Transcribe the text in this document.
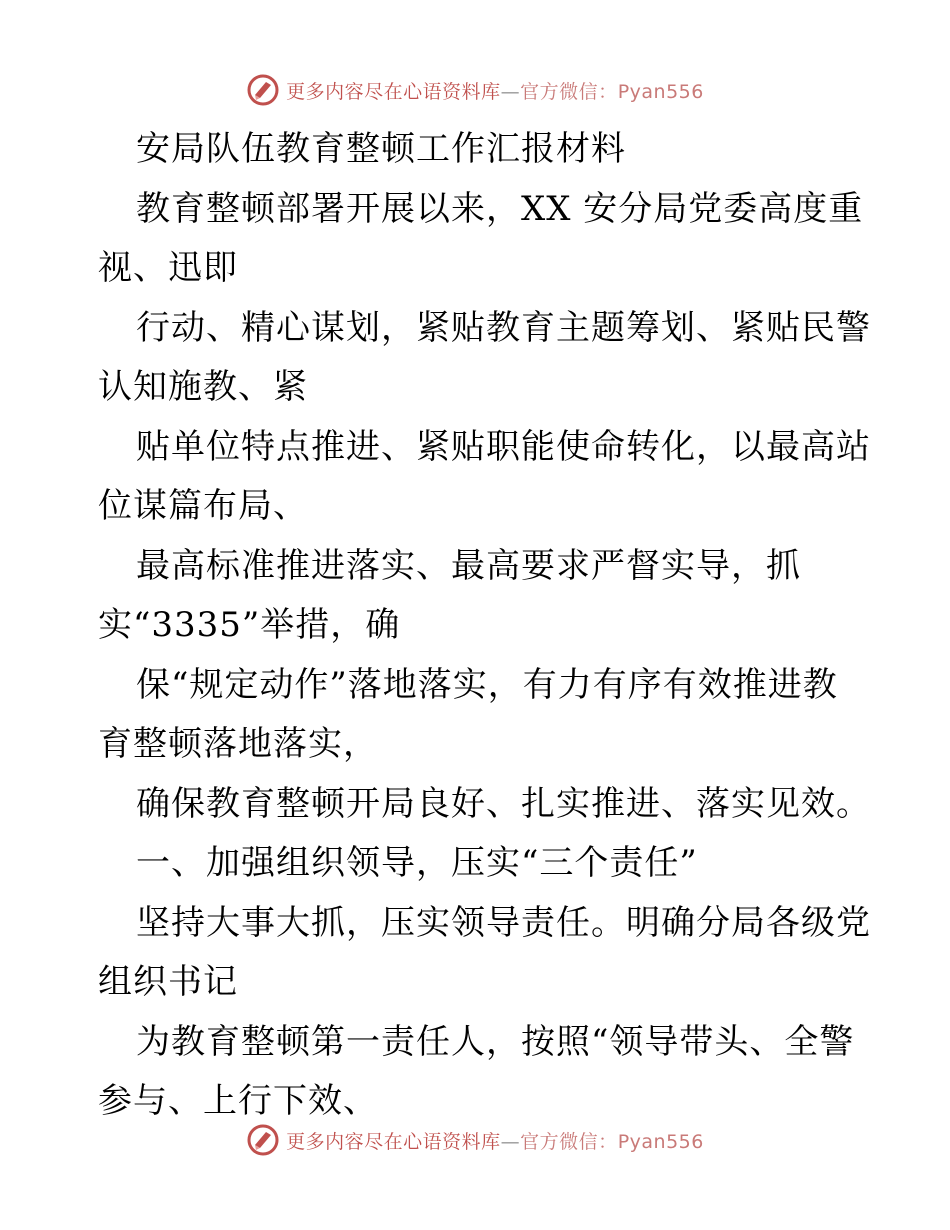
更多内容尽在心语资料库—官方微信：Pyan556
安局队伍教育整顿工作汇报材料
教育整顿部署开展以来，XX 安分局党委高度重
视、迅即
行动、精心谋划，紧贴教育主题筹划、紧贴民警
认知施教、紧
贴单位特点推进、紧贴职能使命转化，以最高站
位谋篇布局、
最高标准推进落实、最高要求严督实导，抓
实“3335”举措，确
保“规定动作”落地落实，有力有序有效推进教
育整顿落地落实，
确保教育整顿开局良好、扎实推进、落实见效。
一、加强组织领导，压实“三个责任”
坚持大事大抓，压实领导责任。明确分局各级党
组织书记
为教育整顿第一责任人，按照“领导带头、全警
参与、上行下效、
更多内容尽在心语资料库—官方微信：Pyan556
